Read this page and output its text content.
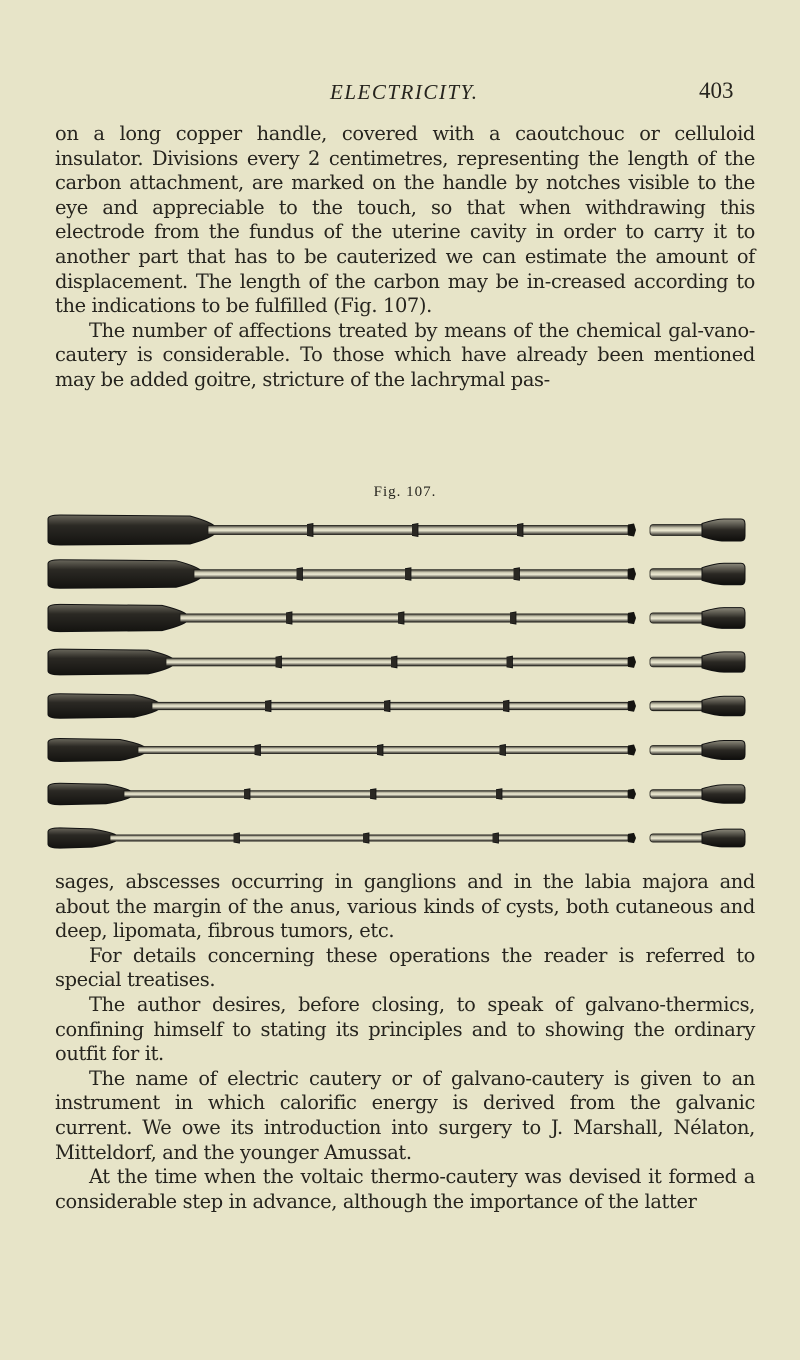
ELECTRICITY.	403

on a long copper handle, covered with a caoutchouc or celluloid insulator. Divisions every 2 centimetres, representing the length of the carbon attachment, are marked on the handle by notches visible to the eye and appreciable to the touch, so that when withdrawing this electrode from the fundus of the uterine cavity in order to carry it to another part that has to be cauterized we can estimate the amount of displacement. The length of the carbon may be in-creased according to the indications to be fulfilled (Fig. 107).

The number of affections treated by means of the chemical gal-vano-cautery is considerable. To those which have already been mentioned may be added goitre, stricture of the lachrymal pas-

Fig. 107.

sages, abscesses occurring in ganglions and in the labia majora and about the margin of the anus, various kinds of cysts, both cutaneous and deep, lipomata, fibrous tumors, etc.

For details concerning these operations the reader is referred to special treatises.

The author desires, before closing, to speak of galvano-thermics, confining himself to stating its principles and to showing the ordinary outfit for it.

The name of electric cautery or of galvano-cautery is given to an instrument in which calorific energy is derived from the galvanic current. We owe its introduction into surgery to J. Marshall, Nélaton, Mitteldorf, and the younger Amussat.

At the time when the voltaic thermo-cautery was devised it formed a considerable step in advance, although the importance of the latter
